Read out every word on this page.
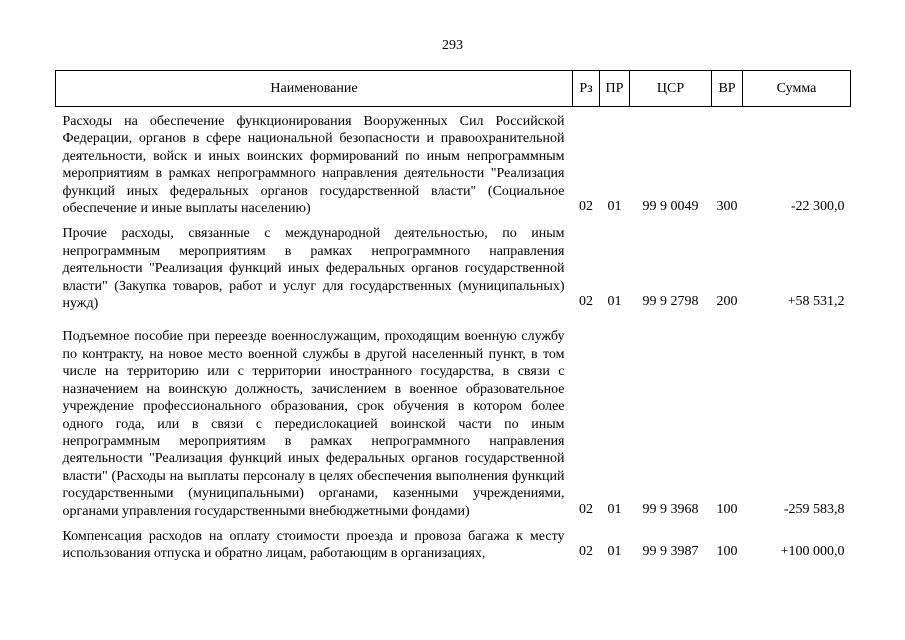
293
Наименование	Рз	ПР	ЦСР	ВР	Сумма
Расходы на обеспечение функционирования Вооруженных Сил Российской Федерации, органов в сфере национальной безопасности и правоохранительной деятельности, войск и иных воинских формирований по иным непрограммным мероприятиям в рамках непрограммного направления деятельности "Реализация функций иных федеральных органов государственной власти" (Социальное обеспечение и иные выплаты населению)	02	01	99 9 0049	300	-22 300,0
Прочие расходы, связанные с международной деятельностью, по иным непрограммным мероприятиям в рамках непрограммного направления деятельности "Реализация функций иных федеральных органов государственной власти" (Закупка товаров, работ и услуг для государственных (муниципальных) нужд)	02	01	99 9 2798	200	+58 531,2
Подъемное пособие при переезде военнослужащим, проходящим военную службу по контракту, на новое место военной службы в другой населенный пункт, в том числе на территорию или с территории иностранного государства, в связи с назначением на воинскую должность, зачислением в военное образовательное учреждение профессионального образования, срок обучения в котором более одного года, или в связи с передислокацией воинской части по иным непрограммным мероприятиям в рамках непрограммного направления деятельности "Реализация функций иных федеральных органов государственной власти" (Расходы на выплаты персоналу в целях обеспечения выполнения функций государственными (муниципальными) органами, казенными учреждениями, органами управления государственными внебюджетными фондами)	02	01	99 9 3968	100	-259 583,8
Компенсация расходов на оплату стоимости проезда и провоза багажа к месту использования отпуска и обратно лицам, работающим в организациях,	02	01	99 9 3987	100	+100 000,0
